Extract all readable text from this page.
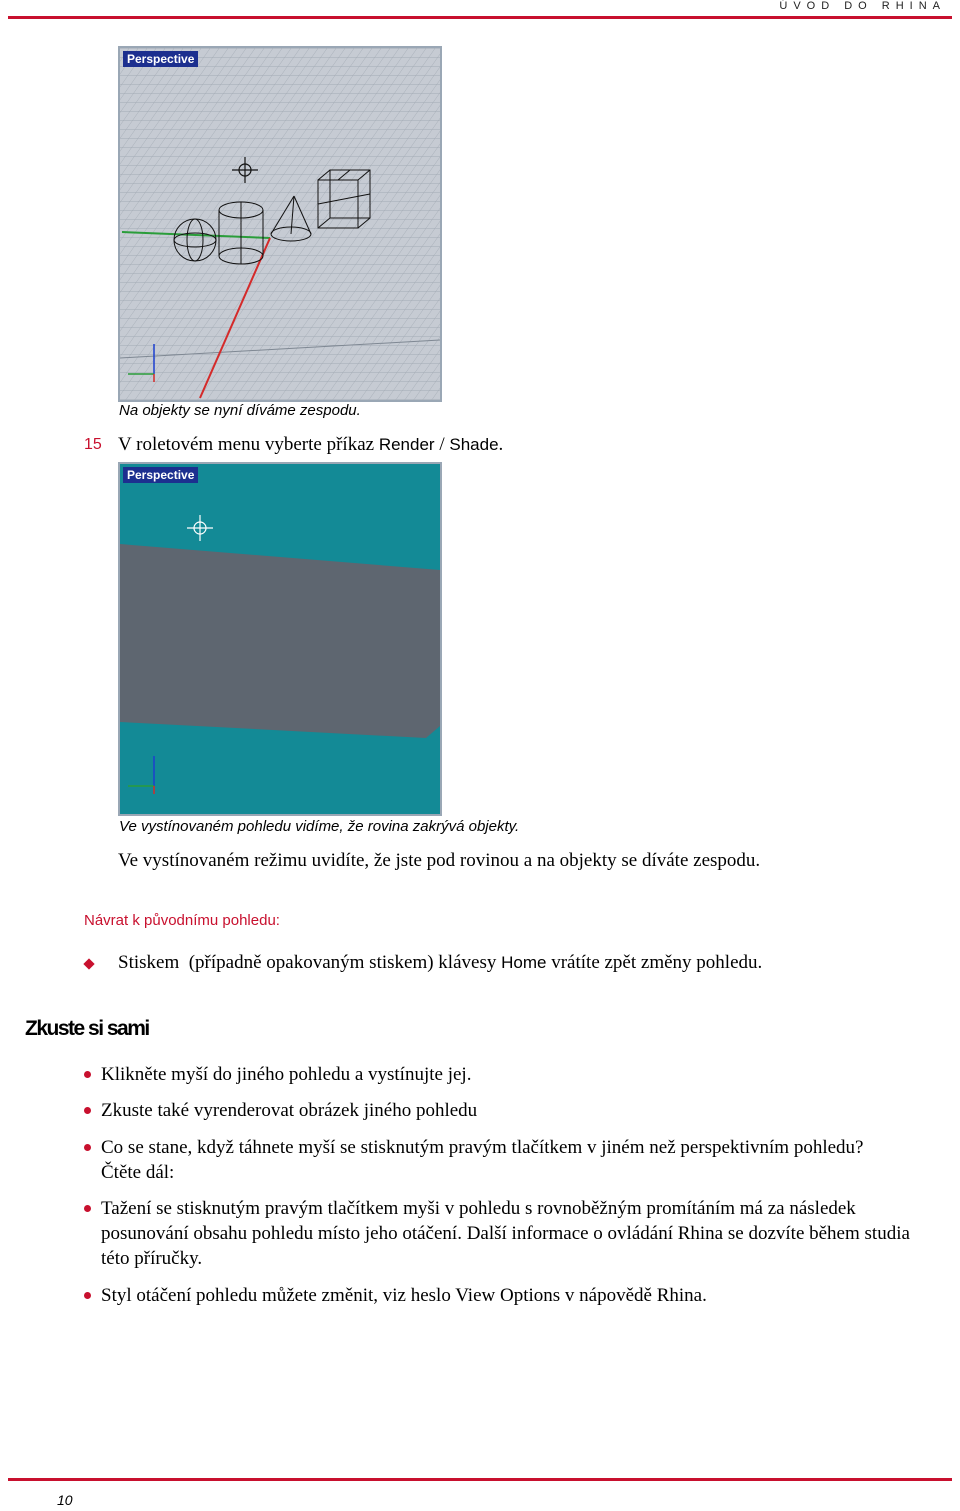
ÚVOD DO RHINA
Perspective
Na objekty se nyní díváme zespodu.
15 V roletovém menu vyberte příkaz Render / Shade.
Perspective
Ve vystínovaném pohledu vidíme, že rovina zakrývá objekty.
Ve vystínovaném režimu uvidíte, že jste pod rovinou a na objekty se díváte zespodu.
Návrat k původnímu pohledu:
Stiskem  (případně opakovaným stiskem) klávesy Home vrátíte zpět změny pohledu.
Zkuste si sami
Klikněte myší do jiného pohledu a vystínujte jej.
Zkuste také vyrenderovat obrázek jiného pohledu
Co se stane, když táhnete myší se stisknutým pravým tlačítkem v jiném než perspektivním pohledu? Čtěte dál:
Tažení se stisknutým pravým tlačítkem myši v pohledu s rovnoběžným promítáním má za následek posunování obsahu pohledu místo jeho otáčení. Další informace o ovládání Rhina se dozvíte během studia této příručky.
Styl otáčení pohledu můžete změnit, viz heslo View Options v nápovědě Rhina.
10
